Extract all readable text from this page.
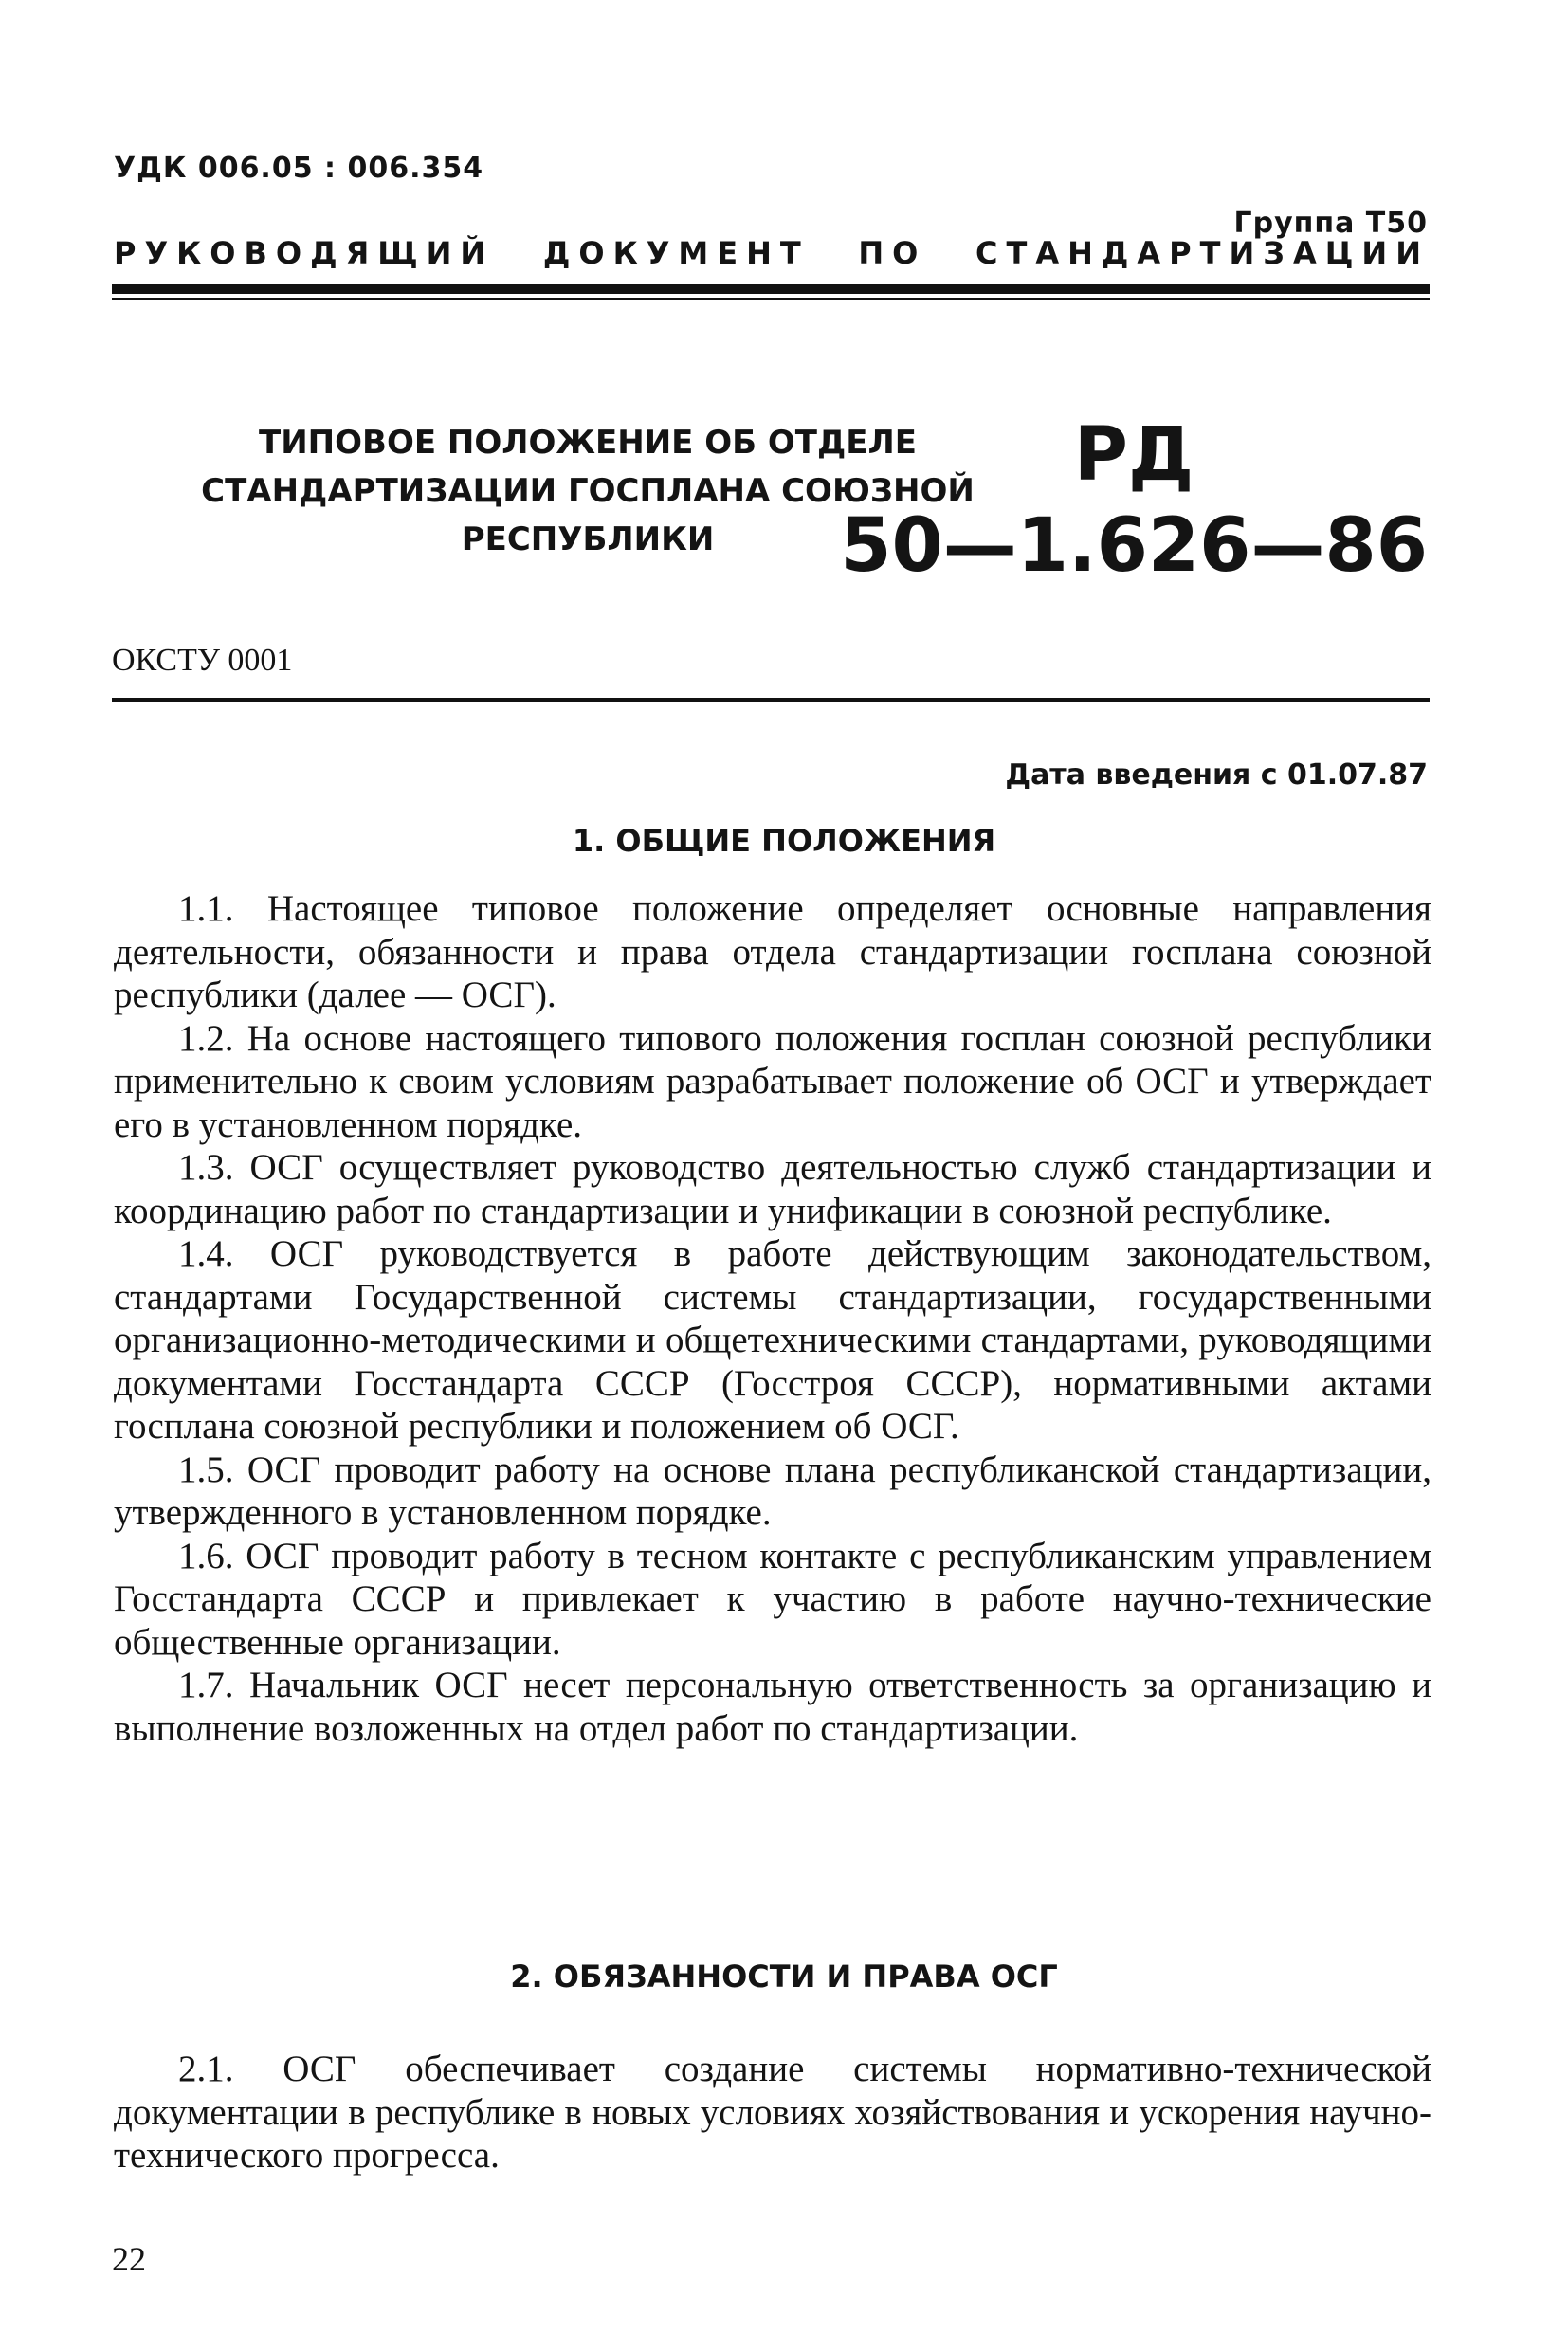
УДК 006.05 : 006.354
Группа Т50
РУКОВОДЯЩИЙ ДОКУМЕНТ ПО СТАНДАРТИЗАЦИИ
ТИПОВОЕ ПОЛОЖЕНИЕ ОБ ОТДЕЛЕ
СТАНДАРТИЗАЦИИ ГОСПЛАНА СОЮЗНОЙ
РЕСПУБЛИКИ
РД
50—1.626—86
ОКСТУ 0001
Дата введения с 01.07.87
1. ОБЩИЕ ПОЛОЖЕНИЯ

1.1. Настоящее типовое положение определяет основные направления деятельности, обязанности и права отдела стандартизации госплана союзной республики (далее — ОСГ).

1.2. На основе настоящего типового положения госплан союзной республики применительно к своим условиям разрабатывает положение об ОСГ и утверждает его в установленном порядке.

1.3. ОСГ осуществляет руководство деятельностью служб стандартизации и координацию работ по стандартизации и унификации в союзной республике.

1.4. ОСГ руководствуется в работе действующим законодательством, стандартами Государственной системы стандартизации, государственными организационно-методическими и общетехническими стандартами, руководящими документами Госстандарта СССР (Госстроя СССР), нормативными актами госплана союзной республики и положением об ОСГ.

1.5. ОСГ проводит работу на основе плана республиканской стандартизации, утвержденного в установленном порядке.

1.6. ОСГ проводит работу в тесном контакте с республиканским управлением Госстандарта СССР и привлекает к участию в работе научно-технические общественные организации.

1.7. Начальник ОСГ несет персональную ответственность за организацию и выполнение возложенных на отдел работ по стандартизации.

2. ОБЯЗАННОСТИ И ПРАВА ОСГ

2.1. ОСГ обеспечивает создание системы нормативно-технической документации в республике в новых условиях хозяйствования и ускорения научно-технического прогресса.

22
